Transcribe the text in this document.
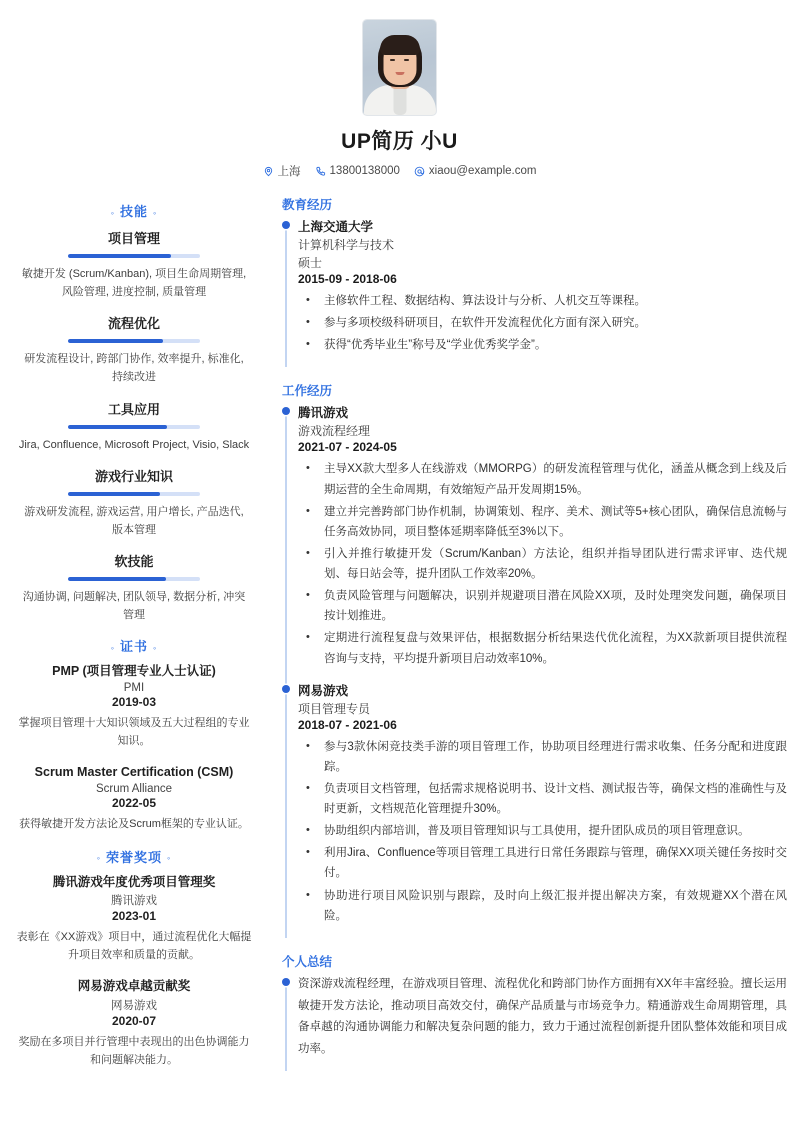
UP简历 小U
上海	13800138000	xiaou@example.com
◦ 技能 ◦
项目管理
敏捷开发 (Scrum/Kanban), 项目生命周期管理, 风险管理, 进度控制, 质量管理
流程优化
研发流程设计, 跨部门协作, 效率提升, 标准化, 持续改进
工具应用
Jira, Confluence, Microsoft Project, Visio, Slack
游戏行业知识
游戏研发流程, 游戏运营, 用户增长, 产品迭代, 版本管理
软技能
沟通协调, 问题解决, 团队领导, 数据分析, 冲突管理
◦ 证书 ◦
PMP (项目管理专业人士认证)
PMI
2019-03
掌握项目管理十大知识领域及五大过程组的专业知识。
Scrum Master Certification (CSM)
Scrum Alliance
2022-05
获得敏捷开发方法论及Scrum框架的专业认证。
◦ 荣誉奖项 ◦
腾讯游戏年度优秀项目管理奖
腾讯游戏
2023-01
表彰在《XX游戏》项目中，通过流程优化大幅提升项目效率和质量的贡献。
网易游戏卓越贡献奖
网易游戏
2020-07
奖励在多项目并行管理中表现出的出色协调能力和问题解决能力。
教育经历
上海交通大学
计算机科学与技术
硕士
2015-09 - 2018-06
• 主修软件工程、数据结构、算法设计与分析、人机交互等课程。
• 参与多项校级科研项目，在软件开发流程优化方面有深入研究。
• 获得“优秀毕业生”称号及“学业优秀奖学金”。
工作经历
腾讯游戏
游戏流程经理
2021-07 - 2024-05
• 主导XX款大型多人在线游戏（MMORPG）的研发流程管理与优化，涵盖从概念到上线及后期运营的全生命周期，有效缩短产品开发周期15%。
• 建立并完善跨部门协作机制，协调策划、程序、美术、测试等5+核心团队，确保信息流畅与任务高效协同，项目整体延期率降低至3%以下。
• 引入并推行敏捷开发（Scrum/Kanban）方法论，组织并指导团队进行需求评审、迭代规划、每日站会等，提升团队工作效率20%。
• 负责风险管理与问题解决，识别并规避项目潜在风险XX项，及时处理突发问题，确保项目按计划推进。
• 定期进行流程复盘与效果评估，根据数据分析结果迭代优化流程，为XX款新项目提供流程咨询与支持，平均提升新项目启动效率10%。
网易游戏
项目管理专员
2018-07 - 2021-06
• 参与3款休闲竞技类手游的项目管理工作，协助项目经理进行需求收集、任务分配和进度跟踪。
• 负责项目文档管理，包括需求规格说明书、设计文档、测试报告等，确保文档的准确性与及时更新，文档规范化管理提升30%。
• 协助组织内部培训，普及项目管理知识与工具使用，提升团队成员的项目管理意识。
• 利用Jira、Confluence等项目管理工具进行日常任务跟踪与管理，确保XX项关键任务按时交付。
• 协助进行项目风险识别与跟踪，及时向上级汇报并提出解决方案，有效规避XX个潜在风险。
个人总结
资深游戏流程经理，在游戏项目管理、流程优化和跨部门协作方面拥有XX年丰富经验。擅长运用敏捷开发方法论，推动项目高效交付，确保产品质量与市场竞争力。精通游戏生命周期管理，具备卓越的沟通协调能力和解决复杂问题的能力，致力于通过流程创新提升团队整体效能和项目成功率。
